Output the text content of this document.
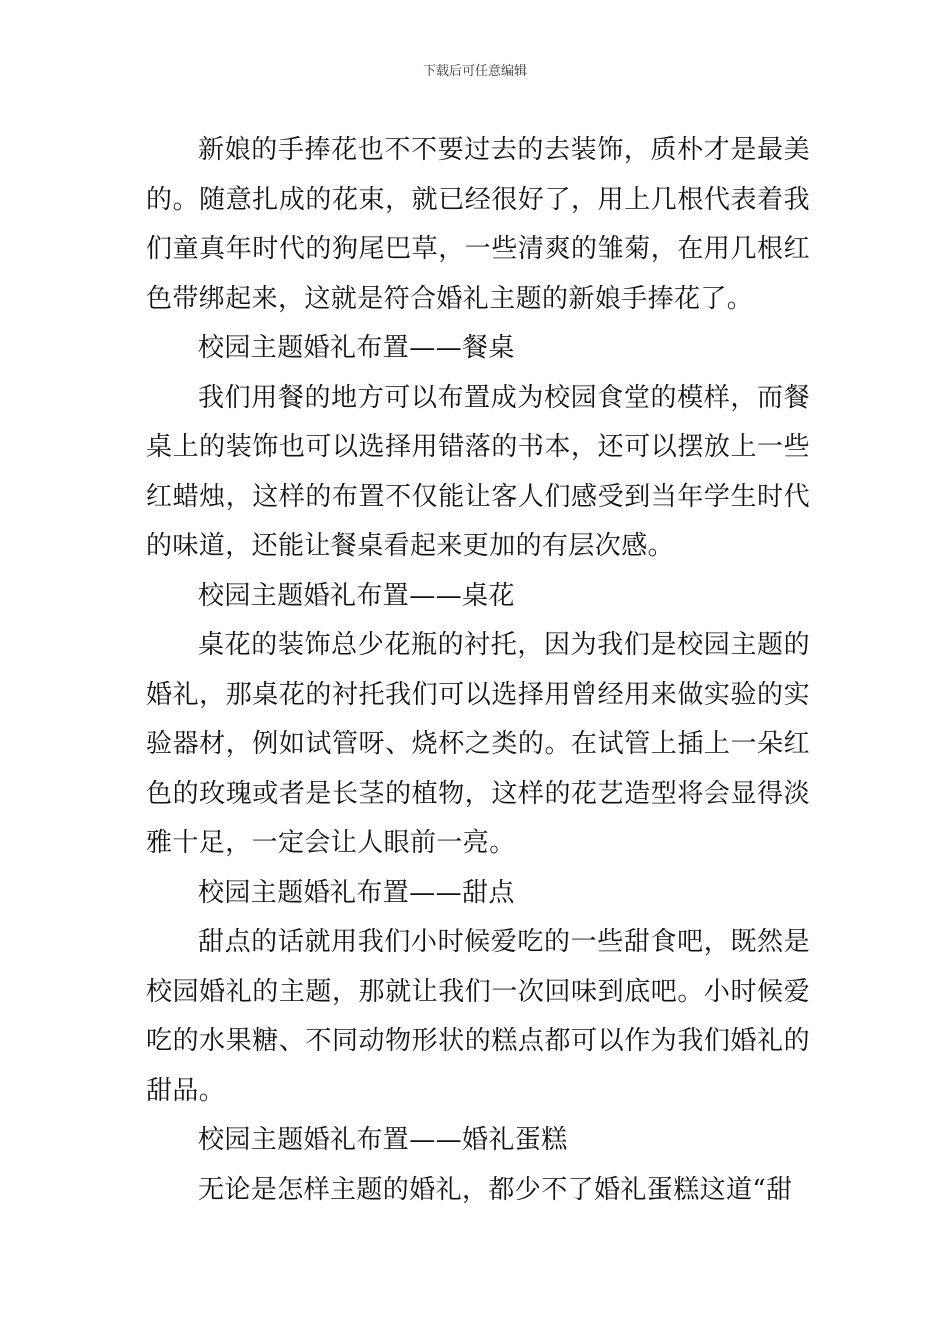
下载后可任意编辑

新娘的手捧花也不不要过去的去装饰，质朴才是最美的。随意扎成的花束，就已经很好了，用上几根代表着我们童真年时代的狗尾巴草，一些清爽的雏菊，在用几根红色带绑起来，这就是符合婚礼主题的新娘手捧花了。

校园主题婚礼布置——餐桌

我们用餐的地方可以布置成为校园食堂的模样，而餐桌上的装饰也可以选择用错落的书本，还可以摆放上一些红蜡烛，这样的布置不仅能让客人们感受到当年学生时代的味道，还能让餐桌看起来更加的有层次感。

校园主题婚礼布置——桌花

桌花的装饰总少花瓶的衬托，因为我们是校园主题的婚礼，那桌花的衬托我们可以选择用曾经用来做实验的实验器材，例如试管呀、烧杯之类的。在试管上插上一朵红色的玫瑰或者是长茎的植物，这样的花艺造型将会显得淡雅十足，一定会让人眼前一亮。

校园主题婚礼布置——甜点

甜点的话就用我们小时候爱吃的一些甜食吧，既然是校园婚礼的主题，那就让我们一次回味到底吧。小时候爱吃的水果糖、不同动物形状的糕点都可以作为我们婚礼的甜品。

校园主题婚礼布置——婚礼蛋糕

无论是怎样主题的婚礼，都少不了婚礼蛋糕这道“甜
